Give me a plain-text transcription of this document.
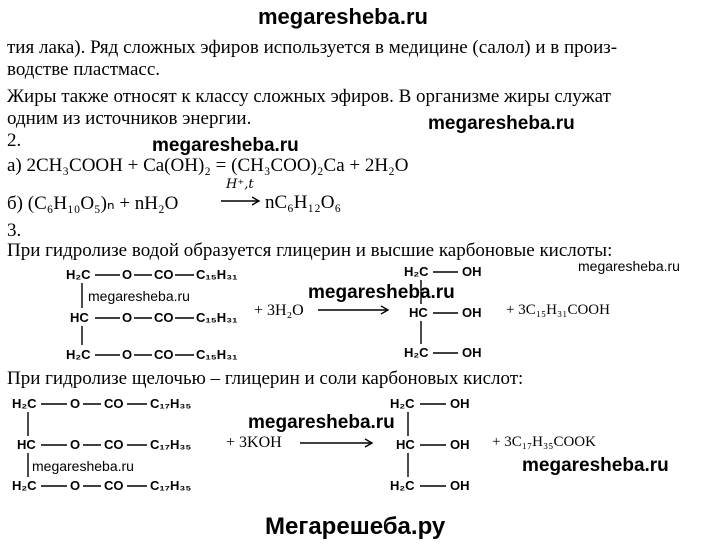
megaresheba.ru
тия лака). Ряд сложных эфиров используется в медицине (салол) и в произ-
водстве пластмасс.
Жиры также относят к классу сложных эфиров. В организме жиры служат
одним из источников энергии.	megaresheba.ru
2.	megaresheba.ru
а) 2CH₃COOH + Ca(OH)₂ = (CH₃COO)₂Ca + 2H₂O
б) (C₆H₁₀O₅)ₙ + nH₂O
H⁺,t
nC₆H₁₂O₆
3.
При гидролизе водой образуется глицерин и высшие карбоновые кислоты:
H₂C O CO C₁₅H₃₁
HC	O CO C₁₅H₃₁
H₂C O CO C₁₅H₃₁
megaresheba.ru
+ 3H₂O
megaresheba.ru
H₂C	OH
HC	OH
H₂C	OH
+ 3C₁₅H₃₁COOH
megaresheba.ru
При гидролизе щелочью – глицерин и соли карбоновых кислот:
H₂C	O CO C₁₇H₃₅
HC	O CO C₁₇H₃₅
H₂C	O CO C₁₇H₃₅
megaresheba.ru
+ 3KOH
megaresheba.ru
H₂C	OH
HC	OH
H₂C	OH
+ 3C₁₇H₃₅COOK
megaresheba.ru
Мегарешеба.ру
